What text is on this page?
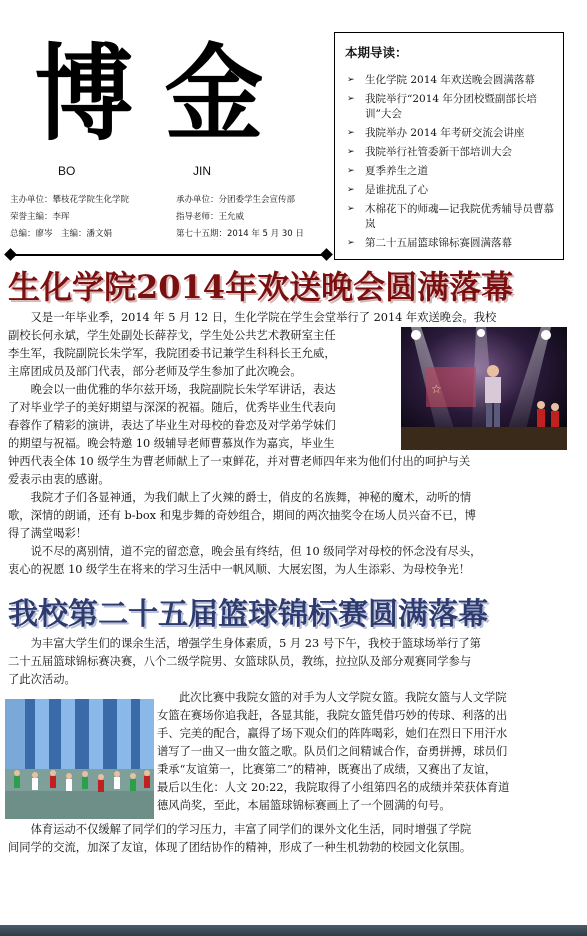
博 金
BO	JIN
主办单位：攀枝花学院生化学院	承办单位：分团委学生会宣传部
荣誉主编：李珲	指导老师：王允威
总编：廖岑　主编：潘文娟	第七十五期：2014 年 5 月 30 日
本期导读：
➢ 生化学院 2014 年欢送晚会圆满落幕
➢ 我院举行“2014 年分团校暨副部长培训”大会
➢ 我院举办 2014 年考研交流会讲座
➢ 我院举行社管委新干部培训大会
➢ 夏季养生之道
➢ 是谁扰乱了心
➢ 木棉花下的师魂—记我院优秀辅导员曹慕岚
➢ 第二十五届篮球锦标赛圆满落幕
生化学院2014年欢送晚会圆满落幕
☆
又是一年毕业季，2014 年 5 月 12 日，生化学院在学生会堂举行了 2014 年欢送晚会。我校
副校长何永斌，学生处副处长薛荐戈，学生处公共艺术教研室主任
李生军，我院副院长朱学军，我院团委书记兼学生科科长王允威，
主席团成员及部门代表，部分老师及学生参加了此次晚会。
晚会以一曲优雅的华尔兹开场，我院副院长朱学军讲话，表达
了对毕业学子的美好期望与深深的祝福。随后，优秀毕业生代表向
春蓉作了精彩的演讲，表达了毕业生对母校的眷恋及对学弟学妹们
的期望与祝福。晚会特邀 10 级辅导老师曹慕岚作为嘉宾，毕业生
钟西代表全体 10 级学生为曹老师献上了一束鲜花，并对曹老师四年来为他们付出的呵护与关
爱表示由衷的感谢。
我院才子们各显神通，为我们献上了火辣的爵士，俏皮的名族舞，神秘的魔术，动听的情
歌，深情的朗诵，还有 b-box 和鬼步舞的奇妙组合，期间的两次抽奖令在场人员兴奋不已，博
得了满堂喝彩！
说不尽的离别情，道不完的留恋意，晚会虽有终结，但 10 级同学对母校的怀念没有尽头，
衷心的祝愿 10 级学生在将来的学习生活中一帆风顺、大展宏图，为人生添彩、为母校争光！
我校第二十五届篮球锦标赛圆满落幕
为丰富大学生们的课余生活，增强学生身体素质，5 月 23 号下午，我校于篮球场举行了第
二十五届篮球锦标赛决赛，八个二级学院男、女篮球队员，教练，拉拉队及部分观赛同学参与
了此次活动。
此次比赛中我院女篮的对手为人文学院女篮。我院女篮与人文学院
女篮在赛场你追我赶，各显其能，我院女篮凭借巧妙的传球、利落的出
手、完美的配合，赢得了场下观众们的阵阵喝彩，她们在烈日下用汗水
谱写了一曲又一曲女篮之歌。队员们之间精诚合作，奋勇拼搏，球员们
秉承“友谊第一，比赛第二”的精神，既赛出了成绩，又赛出了友谊，
最后以生化：人文 20:22，我院取得了小组第四名的成绩并荣获体育道
德风尚奖，至此，本届篮球锦标赛画上了一个圆满的句号。
体育运动不仅缓解了同学们的学习压力，丰富了同学们的课外文化生活，同时增强了学院
间同学的交流，加深了友谊，体现了团结协作的精神，形成了一种生机勃勃的校园文化氛围。
